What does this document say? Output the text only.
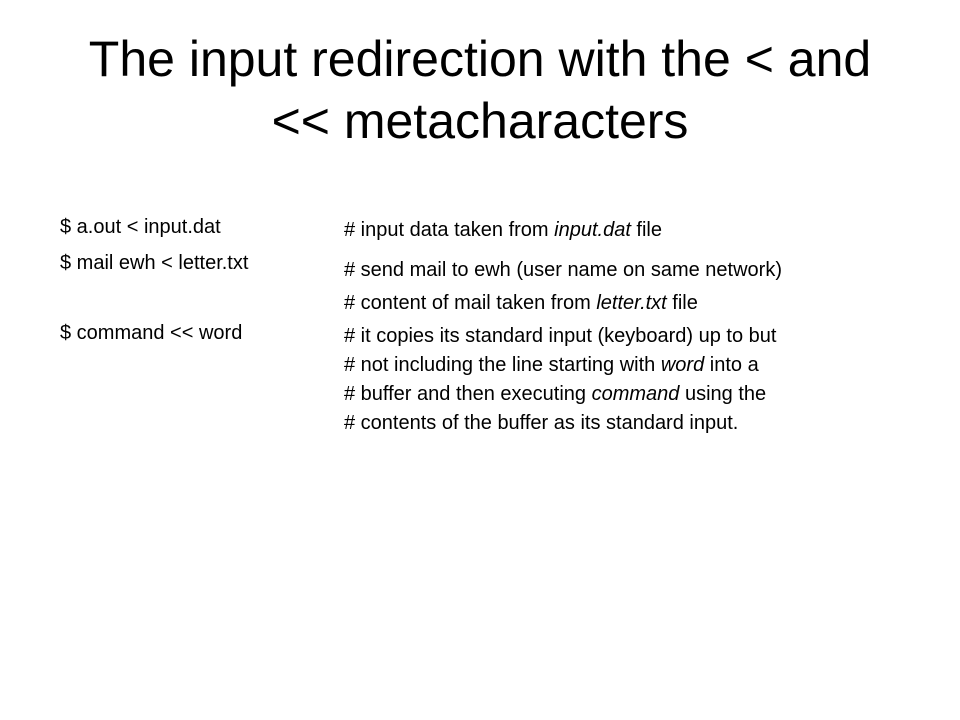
The input redirection with the < and
<< metacharacters
$ a.out < input.dat	# input data taken from input.dat file
$ mail ewh < letter.txt	# send mail to ewh (user name on same network)
# content of mail taken from letter.txt file
$ command << word	# it copies its standard input (keyboard) up to but
# not including the line starting with word into a
# buffer and then executing command using the
# contents of the buffer as its standard input.
